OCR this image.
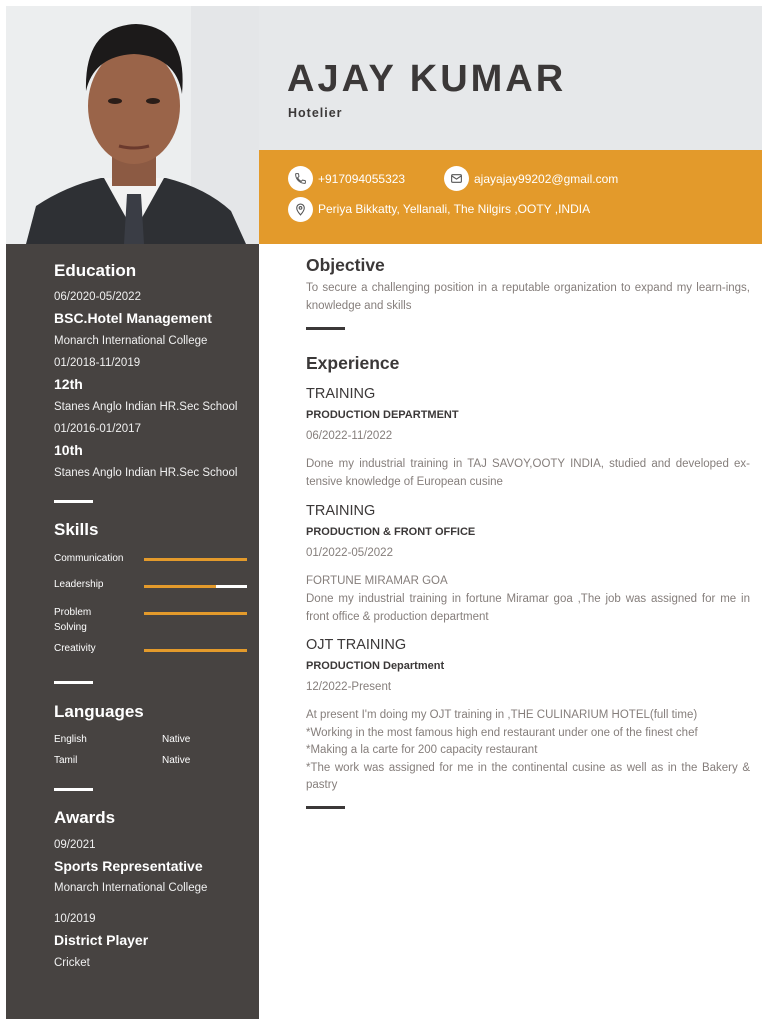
Education
06/2020-05/2022
BSC.Hotel Management
Monarch International College
01/2018-11/2019
12th
Stanes Anglo Indian HR.Sec School
01/2016-01/2017
10th
Stanes Anglo Indian HR.Sec School
Skills
Communication
Leadership
Problem Solving
Creativity
Languages
English	Native
Tamil	Native
Awards
09/2021
Sports Representative
Monarch International College
10/2019
District Player
Cricket
AJAY KUMAR
Hotelier
+917094055323	ajayajay99202@gmail.com
Periya Bikkatty, Yellanali, The Nilgirs ,OOTY ,INDIA
Objective
To secure a challenging position in a reputable organization to expand my learn-ings, knowledge and skills
Experience
TRAINING
PRODUCTION DEPARTMENT
06/2022-11/2022
Done my industrial training in TAJ SAVOY,OOTY INDIA, studied and developed ex-tensive knowledge of European cusine
TRAINING
PRODUCTION & FRONT OFFICE
01/2022-05/2022
FORTUNE MIRAMAR GOA
Done my industrial training in fortune Miramar goa ,The job was assigned for me in front office & production department
OJT TRAINING
PRODUCTION Department
12/2022-Present
At present I'm doing my OJT training in ,THE CULINARIUM HOTEL(full time)
*Working in the most famous high end restaurant under one of the finest chef
*Making a la carte for 200 capacity restaurant
*The work was assigned for me in the continental cusine as well as in the Bakery & pastry
